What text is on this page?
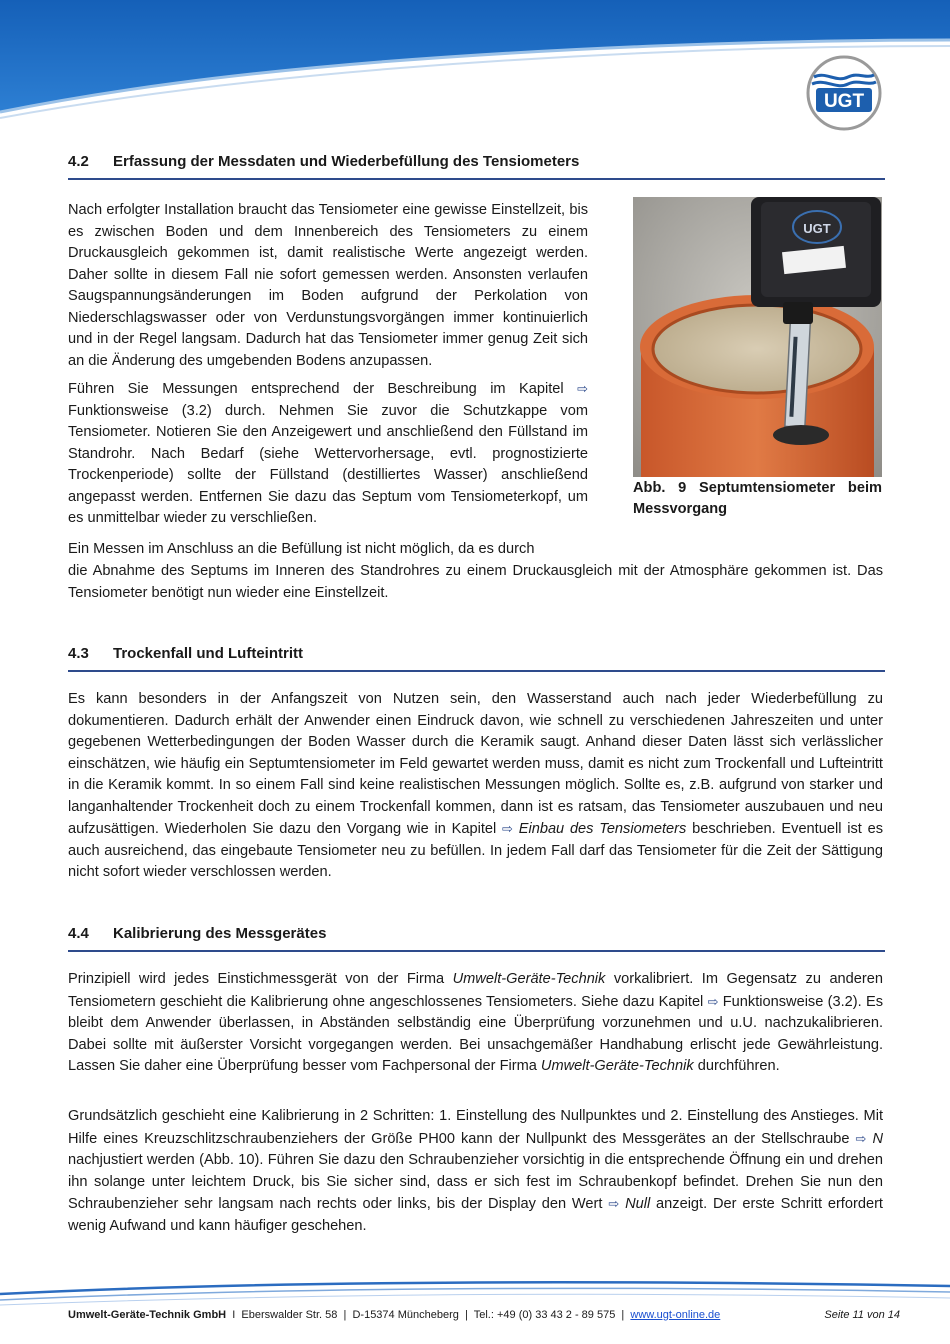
UGT
4.2 Erfassung der Messdaten und Wiederbefüllung des Tensiometers

Nach erfolgter Installation braucht das Tensiometer eine gewisse Einstellzeit, bis es zwischen Boden und dem Innenbereich des Tensiometers zu einem Druckausgleich gekommen ist, damit realistische Werte angezeigt werden. Daher sollte in diesem Fall nie sofort gemessen werden. Ansonsten verlaufen Saugspannungsänderungen im Boden aufgrund der Perkolation von Niederschlagswasser oder von Verdunstungsvorgängen immer kontinuierlich und in der Regel langsam. Dadurch hat das Tensiometer immer genug Zeit sich an die Änderung des umgebenden Bodens anzupassen.

Führen Sie Messungen entsprechend der Beschreibung im Kapitel ⇨ Funktionsweise (3.2) durch. Nehmen Sie zuvor die Schutzkappe vom Tensiometer. Notieren Sie den Anzeigewert und anschließend den Füllstand im Standrohr. Nach Bedarf (siehe Wettervorhersage, evtl. prognostizierte Trockenperiode) sollte der Füllstand (destilliertes Wasser) anschließend angepasst werden. Entfernen Sie dazu das Septum vom Tensiometerkopf, um es unmittelbar wieder zu verschließen.

Ein Messen im Anschluss an die Befüllung ist nicht möglich, da es durch

die Abnahme des Septums im Inneren des Standrohres zu einem Druckausgleich mit der Atmosphäre gekommen ist. Das Tensiometer benötigt nun wieder eine Einstellzeit.

UGT
Abb. 9 Septumtensiometer beim Messvorgang
4.3 Trockenfall und Lufteintritt

Es kann besonders in der Anfangszeit von Nutzen sein, den Wasserstand auch nach jeder Wiederbefüllung zu dokumentieren. Dadurch erhält der Anwender einen Eindruck davon, wie schnell zu verschiedenen Jahreszeiten und unter gegebenen Wetterbedingungen der Boden Wasser durch die Keramik saugt. Anhand dieser Daten lässt sich verlässlicher einschätzen, wie häufig ein Septumtensiometer im Feld gewartet werden muss, damit es nicht zum Trockenfall und Lufteintritt in die Keramik kommt. In so einem Fall sind keine realistischen Messungen möglich. Sollte es, z.B. aufgrund von starker und langanhaltender Trockenheit doch zu einem Trockenfall kommen, dann ist es ratsam, das Tensiometer auszubauen und neu aufzusättigen. Wiederholen Sie dazu den Vorgang wie in Kapitel ⇨ Einbau des Tensiometers beschrieben. Eventuell ist es auch ausreichend, das eingebaute Tensiometer neu zu befüllen. In jedem Fall darf das Tensiometer für die Zeit der Sättigung nicht sofort wieder verschlossen werden.

4.4 Kalibrierung des Messgerätes

Prinzipiell wird jedes Einstichmessgerät von der Firma Umwelt-Geräte-Technik vorkalibriert. Im Gegensatz zu anderen Tensiometern geschieht die Kalibrierung ohne angeschlossenes Tensiometers. Siehe dazu Kapitel ⇨ Funktionsweise (3.2). Es bleibt dem Anwender überlassen, in Abständen selbständig eine Überprüfung vorzunehmen und u.U. nachzukalibrieren. Dabei sollte mit äußerster Vorsicht vorgegangen werden. Bei unsachgemäßer Handhabung erlischt jede Gewährleistung. Lassen Sie daher eine Überprüfung besser vom Fachpersonal der Firma Umwelt-Geräte-Technik durchführen.

Grundsätzlich geschieht eine Kalibrierung in 2 Schritten: 1. Einstellung des Nullpunktes und 2. Einstellung des Anstieges. Mit Hilfe eines Kreuzschlitzschraubenziehers der Größe PH00 kann der Nullpunkt des Messgerätes an der Stellschraube ⇨ N nachjustiert werden (Abb. 10). Führen Sie dazu den Schraubenzieher vorsichtig in die entsprechende Öffnung ein und drehen ihn solange unter leichtem Druck, bis Sie sicher sind, dass er sich fest im Schraubenkopf befindet. Drehen Sie nun den Schraubenzieher sehr langsam nach rechts oder links, bis der Display den Wert ⇨ Null anzeigt. Der erste Schritt erfordert wenig Aufwand und kann häufiger geschehen.

Umwelt-Geräte-Technik GmbH  I  Eberswalder Str. 58  |  D-15374 Müncheberg  |  Tel.: +49 (0) 33 43 2 - 89 575  |  www.ugt-online.de	Seite 11 von 14
